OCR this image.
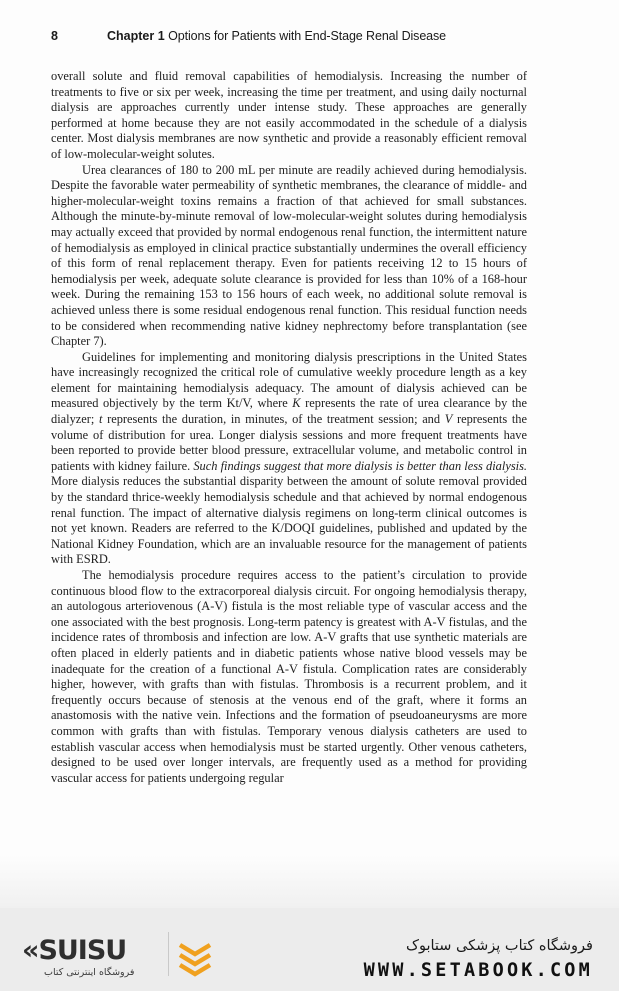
8	Chapter 1 Options for Patients with End-Stage Renal Disease

overall solute and fluid removal capabilities of hemodialysis. Increasing the number of treatments to five or six per week, increasing the time per treatment, and using daily nocturnal dialysis are approaches currently under intense study. These approaches are generally performed at home because they are not easily accommodated in the schedule of a dialysis center. Most dialysis membranes are now synthetic and provide a reasonably efficient removal of low-molecular-weight solutes.

Urea clearances of 180 to 200 mL per minute are readily achieved during hemodialysis. Despite the favorable water permeability of synthetic membranes, the clearance of middle- and higher-molecular-weight toxins remains a fraction of that achieved for small substances. Although the minute-by-minute removal of low-molecular-weight solutes during hemodialysis may actually exceed that provided by normal endogenous renal function, the intermittent nature of hemodialysis as employed in clinical practice substantially undermines the overall efficiency of this form of renal replacement therapy. Even for patients receiving 12 to 15 hours of hemodialysis per week, adequate solute clearance is provided for less than 10% of a 168-hour week. During the remaining 153 to 156 hours of each week, no additional solute removal is achieved unless there is some residual endogenous renal function. This residual function needs to be considered when recommending native kidney nephrectomy before transplantation (see Chapter 7).

Guidelines for implementing and monitoring dialysis prescriptions in the United States have increasingly recognized the critical role of cumulative weekly procedure length as a key element for maintaining hemodialysis adequacy. The amount of dialysis achieved can be measured objectively by the term Kt/V, where K represents the rate of urea clearance by the dialyzer; t represents the duration, in minutes, of the treatment session; and V represents the volume of distribution for urea. Longer dialysis sessions and more frequent treatments have been reported to provide better blood pressure, extracellular volume, and metabolic control in patients with kidney failure. Such findings suggest that more dialysis is better than less dialysis. More dialysis reduces the substantial disparity between the amount of solute removal provided by the standard thrice-weekly hemodialysis schedule and that achieved by normal endogenous renal function. The impact of alternative dialysis regimens on long-term clinical outcomes is not yet known. Readers are referred to the K/DOQI guidelines, published and updated by the National Kidney Foundation, which are an invaluable resource for the management of patients with ESRD.

The hemodialysis procedure requires access to the patient’s circulation to provide continuous blood flow to the extracorporeal dialysis circuit. For ongoing hemodialysis therapy, an autologous arteriovenous (A-V) fistula is the most reliable type of vascular access and the one associated with the best prognosis. Long-term patency is greatest with A-V fistulas, and the incidence rates of thrombosis and infection are low. A-V grafts that use synthetic materials are often placed in elderly patients and in diabetic patients whose native blood vessels may be inadequate for the creation of a functional A-V fistula. Complication rates are considerably higher, however, with grafts than with fistulas. Thrombosis is a recurrent problem, and it frequently occurs because of stenosis at the venous end of the graft, where it forms an anastomosis with the native vein. Infections and the formation of pseudoaneurysms are more common with grafts than with fistulas. Temporary venous dialysis catheters are used to establish vascular access when hemodialysis must be started urgently. Other venous catheters, designed to be used over longer intervals, are frequently used as a method for providing vascular access for patients undergoing regular

«SUISU
فروشگاه اینترنتی کتاب
فروشگاه کتاب پزشکی ستابوک
WWW.SETABOOK.COM
